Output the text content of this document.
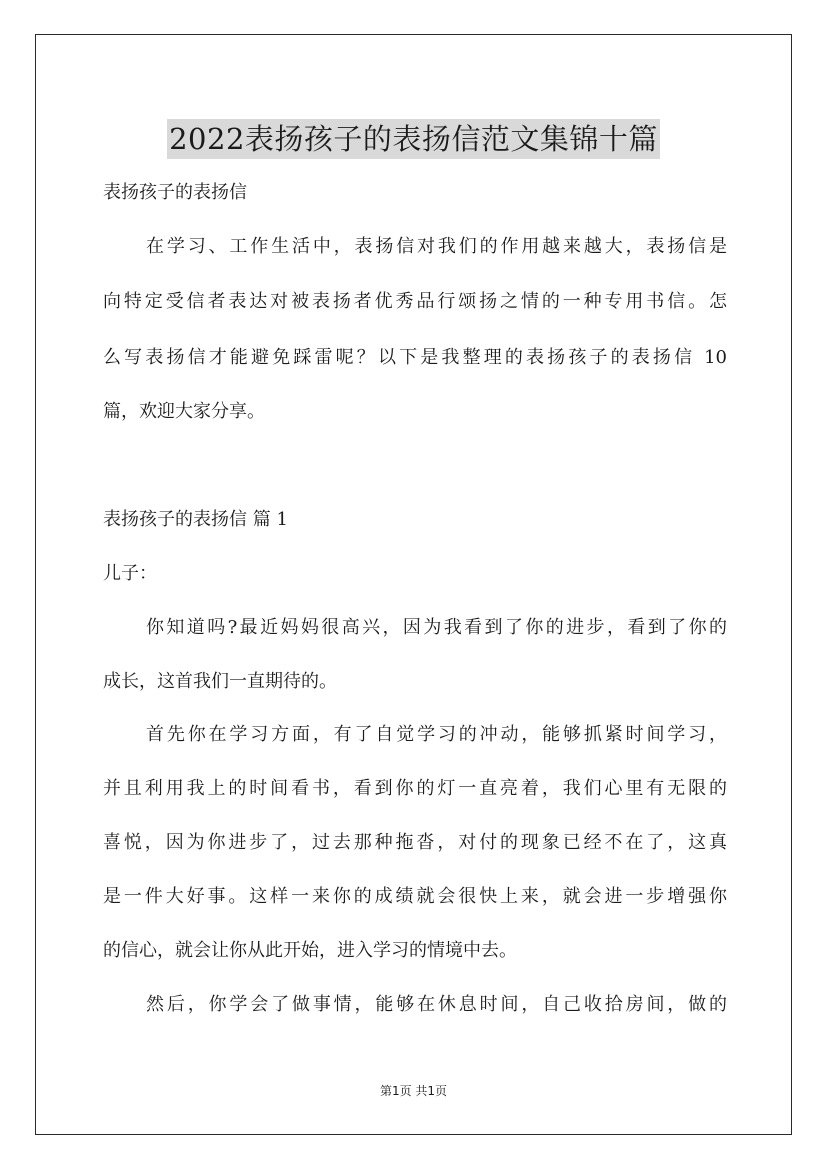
2022表扬孩子的表扬信范文集锦十篇
表扬孩子的表扬信
在学习、工作生活中，表扬信对我们的作用越来越大，表扬信是
向特定受信者表达对被表扬者优秀品行颂扬之情的一种专用书信。怎
么写表扬信才能避免踩雷呢？以下是我整理的表扬孩子的表扬信 10
篇，欢迎大家分享。
表扬孩子的表扬信 篇 1
儿子：
你知道吗?最近妈妈很高兴，因为我看到了你的进步，看到了你的
成长，这首我们一直期待的。
首先你在学习方面，有了自觉学习的冲动，能够抓紧时间学习，
并且利用我上的时间看书，看到你的灯一直亮着，我们心里有无限的
喜悦，因为你进步了，过去那种拖沓，对付的现象已经不在了，这真
是一件大好事。这样一来你的成绩就会很快上来，就会进一步增强你
的信心，就会让你从此开始，进入学习的情境中去。
然后，你学会了做事情，能够在休息时间，自己收拾房间，做的
第1页 共1页
